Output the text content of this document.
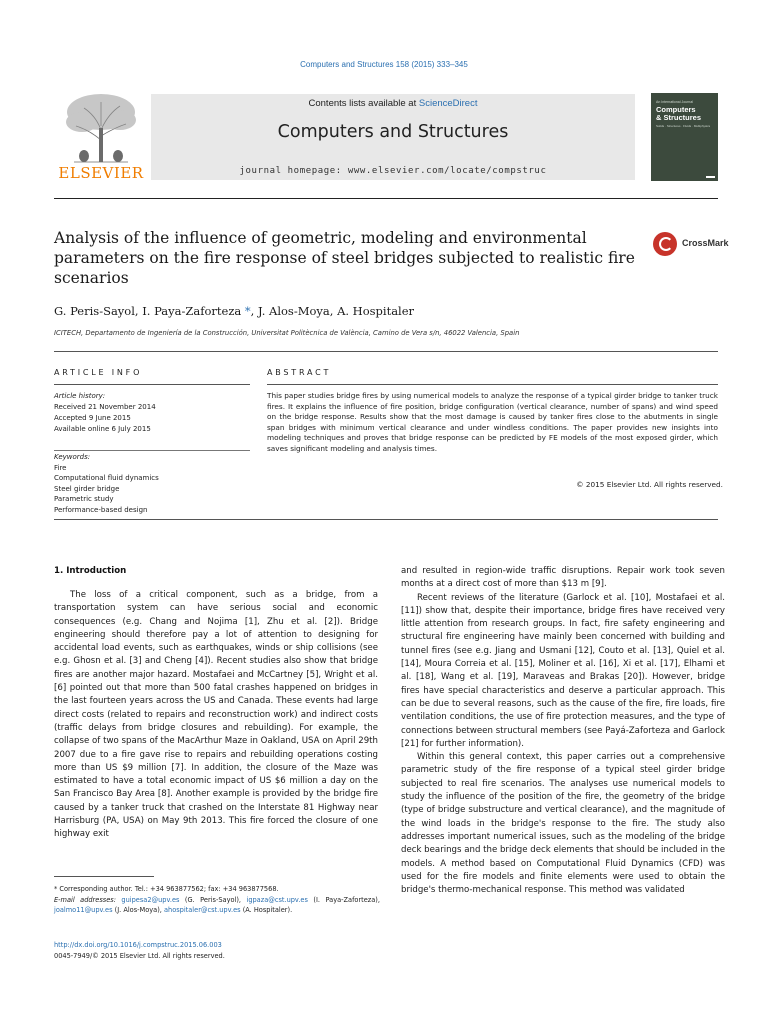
Computers and Structures 158 (2015) 333–345
ELSEVIER
Contents lists available at ScienceDirect
Computers and Structures
journal homepage: www.elsevier.com/locate/compstruc
An International Journal
Computers
& Structures
Solids · Structures · Fluids · Multiphysics
Analysis of the influence of geometric, modeling and environmental parameters on the fire response of steel bridges subjected to realistic fire scenarios
CrossMark
G. Peris-Sayol, I. Paya-Zaforteza *, J. Alos-Moya, A. Hospitaler
ICITECH, Departamento de Ingeniería de la Construcción, Universitat Politècnica de València, Camino de Vera s/n, 46022 Valencia, Spain
ARTICLE INFO	ABSTRACT
Article history:
Received 21 November 2014
Accepted 9 June 2015
Available online 6 July 2015
Keywords:
Fire
Computational fluid dynamics
Steel girder bridge
Parametric study
Performance-based design
This paper studies bridge fires by using numerical models to analyze the response of a typical girder bridge to tanker truck fires. It explains the influence of fire position, bridge configuration (vertical clearance, number of spans) and wind speed on the bridge response. Results show that the most damage is caused by tanker fires close to the abutments in single span bridges with minimum vertical clearance and under windless conditions. The paper provides new insights into modeling techniques and proves that bridge response can be predicted by FE models of the most exposed girder, which saves significant modeling and analysis times.
© 2015 Elsevier Ltd. All rights reserved.
1. Introduction

The loss of a critical component, such as a bridge, from a transportation system can have serious social and economic consequences (e.g. Chang and Nojima [1], Zhu et al. [2]). Bridge engineering should therefore pay a lot of attention to designing for accidental load events, such as earthquakes, winds or ship collisions (see e.g. Ghosn et al. [3] and Cheng [4]). Recent studies also show that bridge fires are another major hazard. Mostafaei and McCartney [5], Wright et al. [6] pointed out that more than 500 fatal crashes happened on bridges in the last fourteen years across the US and Canada. These events had large direct costs (related to repairs and reconstruction work) and indirect costs (traffic delays from bridge closures and rebuilding). For example, the collapse of two spans of the MacArthur Maze in Oakland, USA on April 29th 2007 due to a fire gave rise to repairs and rebuilding operations costing more than US $9 million [7]. In addition, the closure of the Maze was estimated to have a total economic impact of US $6 million a day on the San Francisco Bay Area [8]. Another example is provided by the bridge fire caused by a tanker truck that crashed on the Interstate 81 Highway near Harrisburg (PA, USA) on May 9th 2013. This fire forced the closure of one highway exit

and resulted in region-wide traffic disruptions. Repair work took seven months at a direct cost of more than $13 m [9].

Recent reviews of the literature (Garlock et al. [10], Mostafaei et al. [11]) show that, despite their importance, bridge fires have received very little attention from research groups. In fact, fire safety engineering and structural fire engineering have mainly been concerned with building and tunnel fires (see e.g. Jiang and Usmani [12], Couto et al. [13], Quiel et al. [14], Moura Correia et al. [15], Moliner et al. [16], Xi et al. [17], Elhami et al. [18], Wang et al. [19], Maraveas and Brakas [20]). However, bridge fires have special characteristics and deserve a particular approach. This can be due to several reasons, such as the cause of the fire, fire loads, fire ventilation conditions, the use of fire protection measures, and the type of connections between structural members (see Payá-Zaforteza and Garlock [21] for further information).

Within this general context, this paper carries out a comprehensive parametric study of the fire response of a typical steel girder bridge subjected to real fire scenarios. The analyses use numerical models to study the influence of the position of the fire, the geometry of the bridge (type of bridge substructure and vertical clearance), and the magnitude of the wind loads in the bridge's response to the fire. The study also addresses important numerical issues, such as the modeling of the bridge deck bearings and the bridge deck elements that should be included in the models. A method based on Computational Fluid Dynamics (CFD) was used for the fire models and finite elements were used to obtain the bridge's thermo-mechanical response. This method was validated

* Corresponding author. Tel.: +34 963877562; fax: +34 963877568.
E-mail addresses: guipesa2@upv.es (G. Peris-Sayol), igpaza@cst.upv.es (I. Paya-Zaforteza), joalmo11@upv.es (J. Alos-Moya), ahospitaler@cst.upv.es (A. Hospitaler).
http://dx.doi.org/10.1016/j.compstruc.2015.06.003
0045-7949/© 2015 Elsevier Ltd. All rights reserved.
